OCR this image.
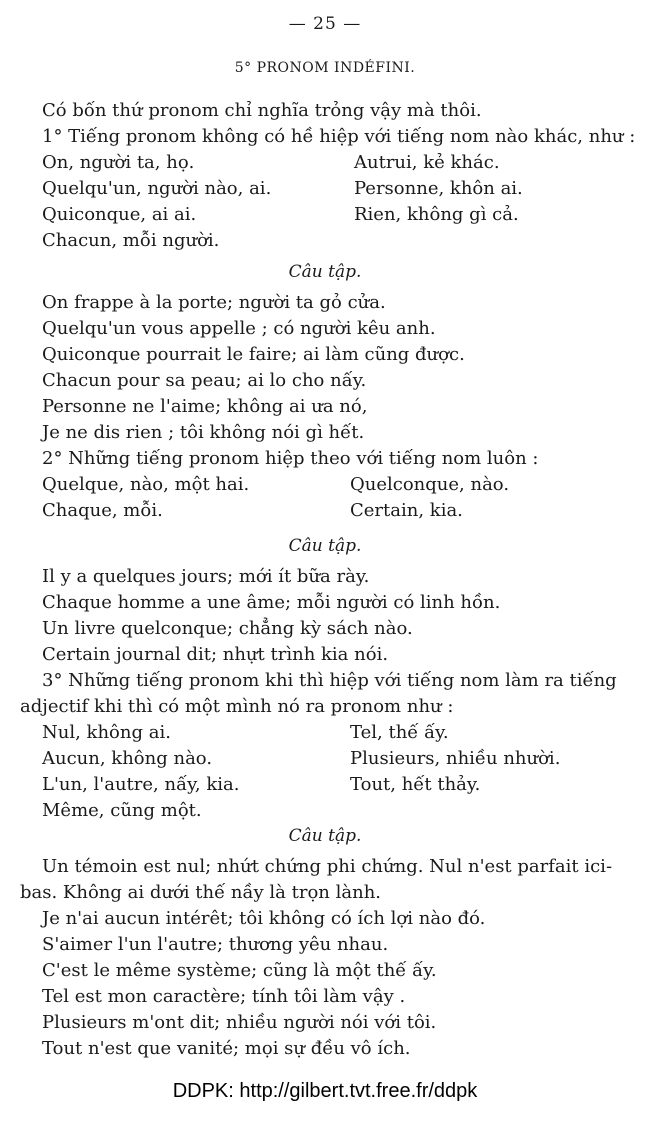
— 25 —
5° PRONOM INDÉFINI.
Có bốn thứ pronom chỉ nghĩa trỏng vậy mà thôi.
1° Tiếng pronom không có hề hiệp với tiếng nom nào khác, như :
On, người ta, họ.
Quelqu'un, người nào, ai.
Quiconque, ai ai.
Chacun, mỗi người.
Autrui, kẻ khác.
Personne, khôn ai.
Rien, không gì cả.
Câu tập.
On frappe à la porte; người ta gỏ cửa.
Quelqu'un vous appelle ; có người kêu anh.
Quiconque pourrait le faire; ai làm cũng được.
Chacun pour sa peau; ai lo cho nấy.
Personne ne l'aime; không ai ưa nó,
Je ne dis rien ; tôi không nói gì hết.
2° Những tiếng pronom hiệp theo với tiếng nom luôn :
Quelque, nào, một hai.
Chaque, mỗi.
Quelconque, nào.
Certain, kia.
Câu tập.
Il y a quelques jours; mới ít bữa rày.
Chaque homme a une âme; mỗi người có linh hồn.
Un livre quelconque; chẳng kỳ sách nào.
Certain journal dit; nhựt trình kia nói.
3° Những tiếng pronom khi thì hiệp với tiếng nom làm ra tiếng
adjectif khi thì có một mình nó ra pronom như :
Nul, không ai.
Aucun, không nào.
L'un, l'autre, nấy, kia.
Même, cũng một.
Tel, thế ấy.
Plusieurs, nhiều nhười.
Tout, hết thảy.
Câu tập.
Un témoin est nul; nhứt chứng phi chứng. Nul n'est parfait ici-
bas. Không ai dưới thế nầy là trọn lành.
Je n'ai aucun intérêt; tôi không có ích lợi nào đó.
S'aimer l'un l'autre; thương yêu nhau.
C'est le même système; cũng là một thế ấy.
Tel est mon caractère; tính tôi làm vậy .
Plusieurs m'ont dit; nhiều người nói với tôi.
Tout n'est que vanité; mọi sự đều vô ích.
DDPK: http://gilbert.tvt.free.fr/ddpk
